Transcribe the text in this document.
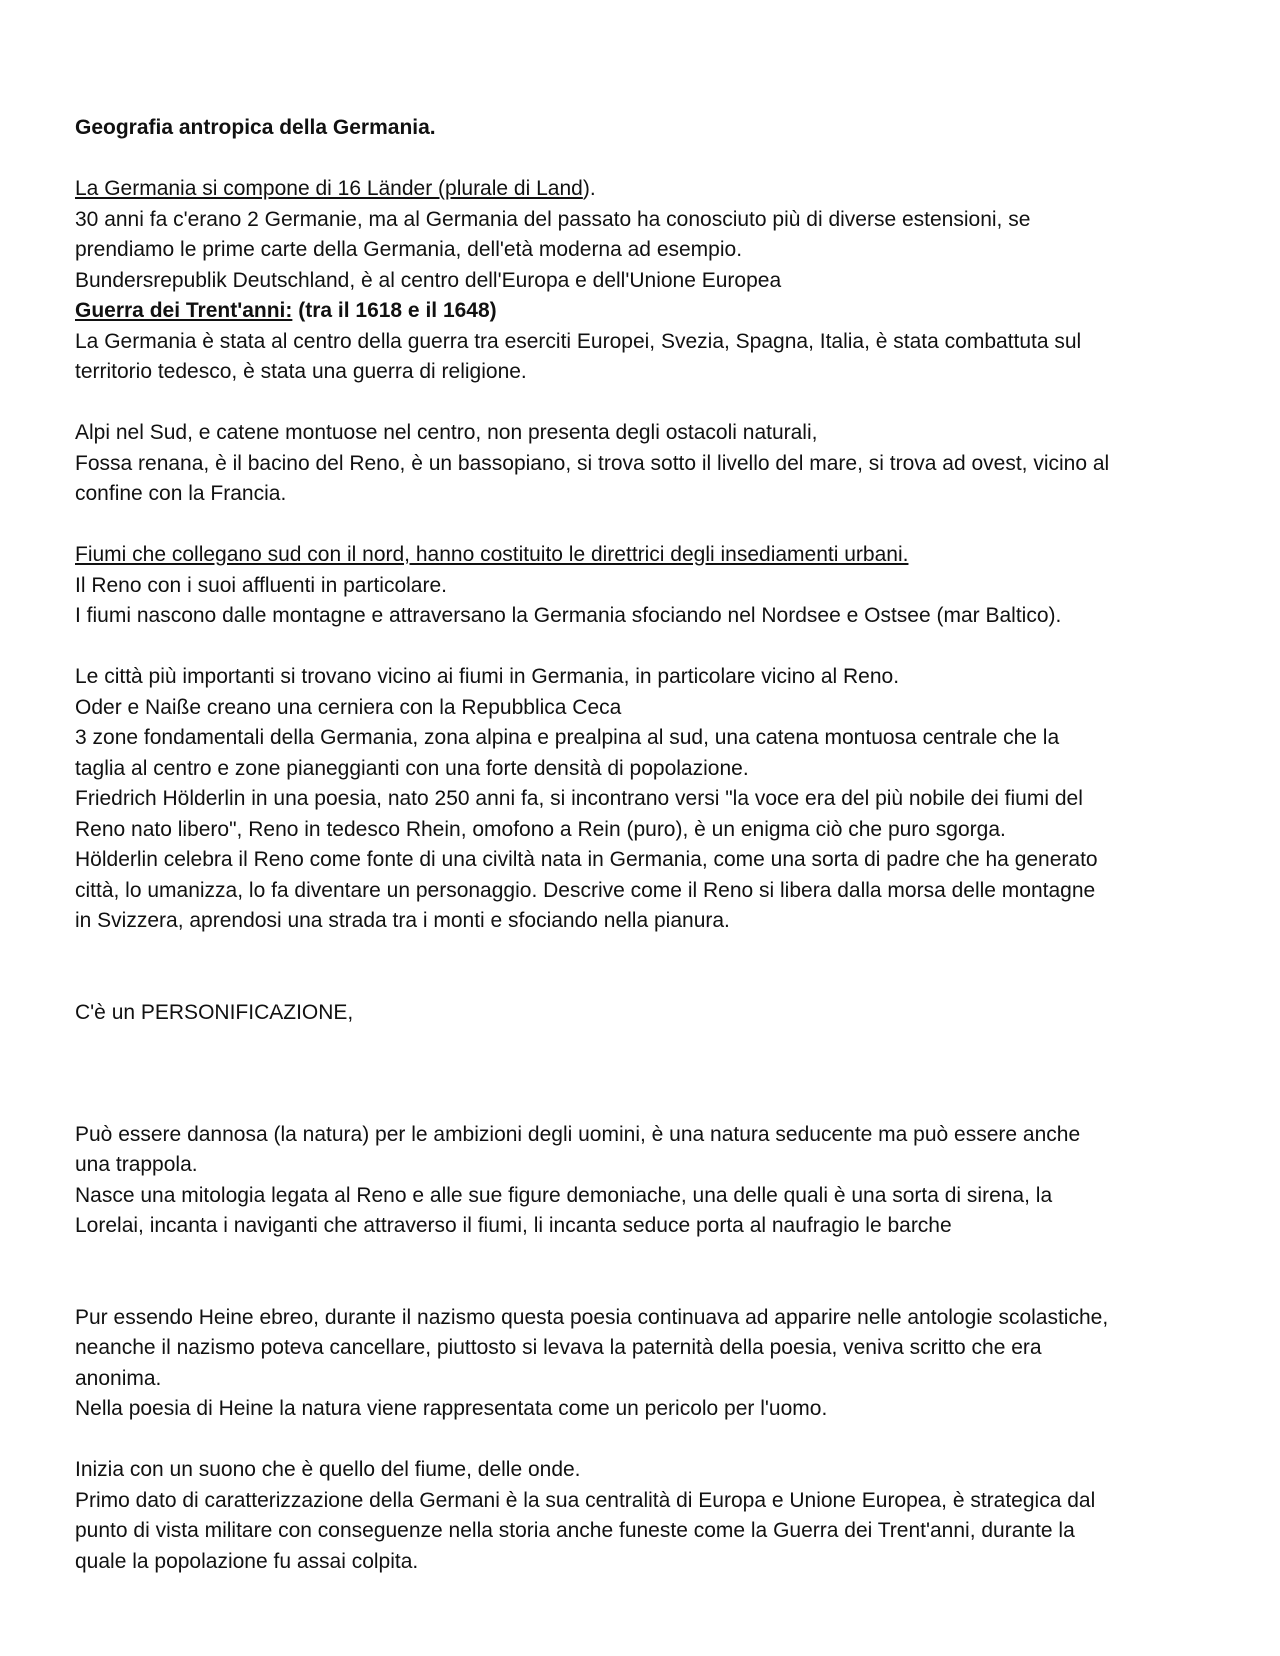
Geografia antropica della Germania.
La Germania si compone di 16 Länder (plurale di Land).
30 anni fa c'erano 2 Germanie, ma al Germania del passato ha conosciuto più di diverse estensioni, se
prendiamo le prime carte della Germania, dell'età moderna ad esempio.
Bundersrepublik Deutschland, è al centro dell'Europa e dell'Unione Europea
Guerra dei Trent'anni: (tra il 1618 e il 1648)
La Germania è stata al centro della guerra tra eserciti Europei, Svezia, Spagna, Italia, è stata combattuta sul
territorio tedesco, è stata una guerra di religione.
Alpi nel Sud, e catene montuose nel centro, non presenta degli ostacoli naturali,
Fossa renana, è il bacino del Reno, è un bassopiano, si trova sotto il livello del mare, si trova ad ovest, vicino al
confine con la Francia.
Fiumi che collegano sud con il nord, hanno costituito le direttrici degli insediamenti urbani.
Il Reno con i suoi affluenti in particolare.
I fiumi nascono dalle montagne e attraversano la Germania sfociando nel Nordsee e Ostsee (mar Baltico).
Le città più importanti si trovano vicino ai fiumi in Germania, in particolare vicino al Reno.
Oder e Naiße creano una cerniera con la Repubblica Ceca
3 zone fondamentali della Germania, zona alpina e prealpina al sud, una catena montuosa centrale che la
taglia al centro e zone pianeggianti con una forte densità di popolazione.
Friedrich Hölderlin in una poesia, nato 250 anni fa, si incontrano versi "la voce era del più nobile dei fiumi del
Reno nato libero", Reno in tedesco Rhein, omofono a Rein (puro), è un enigma ciò che puro sgorga.
Hölderlin celebra il Reno come fonte di una civiltà nata in Germania, come una sorta di padre che ha generato
città, lo umanizza, lo fa diventare un personaggio. Descrive come il Reno si libera dalla morsa delle montagne
in Svizzera, aprendosi una strada tra i monti e sfociando nella pianura.
C'è un PERSONIFICAZIONE,
Può essere dannosa (la natura) per le ambizioni degli uomini, è una natura seducente ma può essere anche
una trappola.
Nasce una mitologia legata al Reno e alle sue figure demoniache, una delle quali è una sorta di sirena, la
Lorelai, incanta i naviganti che attraverso il fiumi, li incanta seduce porta al naufragio le barche
Pur essendo Heine ebreo, durante il nazismo questa poesia continuava ad apparire nelle antologie scolastiche,
neanche il nazismo poteva cancellare, piuttosto si levava la paternità della poesia, veniva scritto che era
anonima.
Nella poesia di Heine la natura viene rappresentata come un pericolo per l'uomo.
Inizia con un suono che è quello del fiume, delle onde.
Primo dato di caratterizzazione della Germani è la sua centralità di Europa e Unione Europea, è strategica dal
punto di vista militare con conseguenze nella storia anche funeste come la Guerra dei Trent'anni, durante la
quale la popolazione fu assai colpita.
